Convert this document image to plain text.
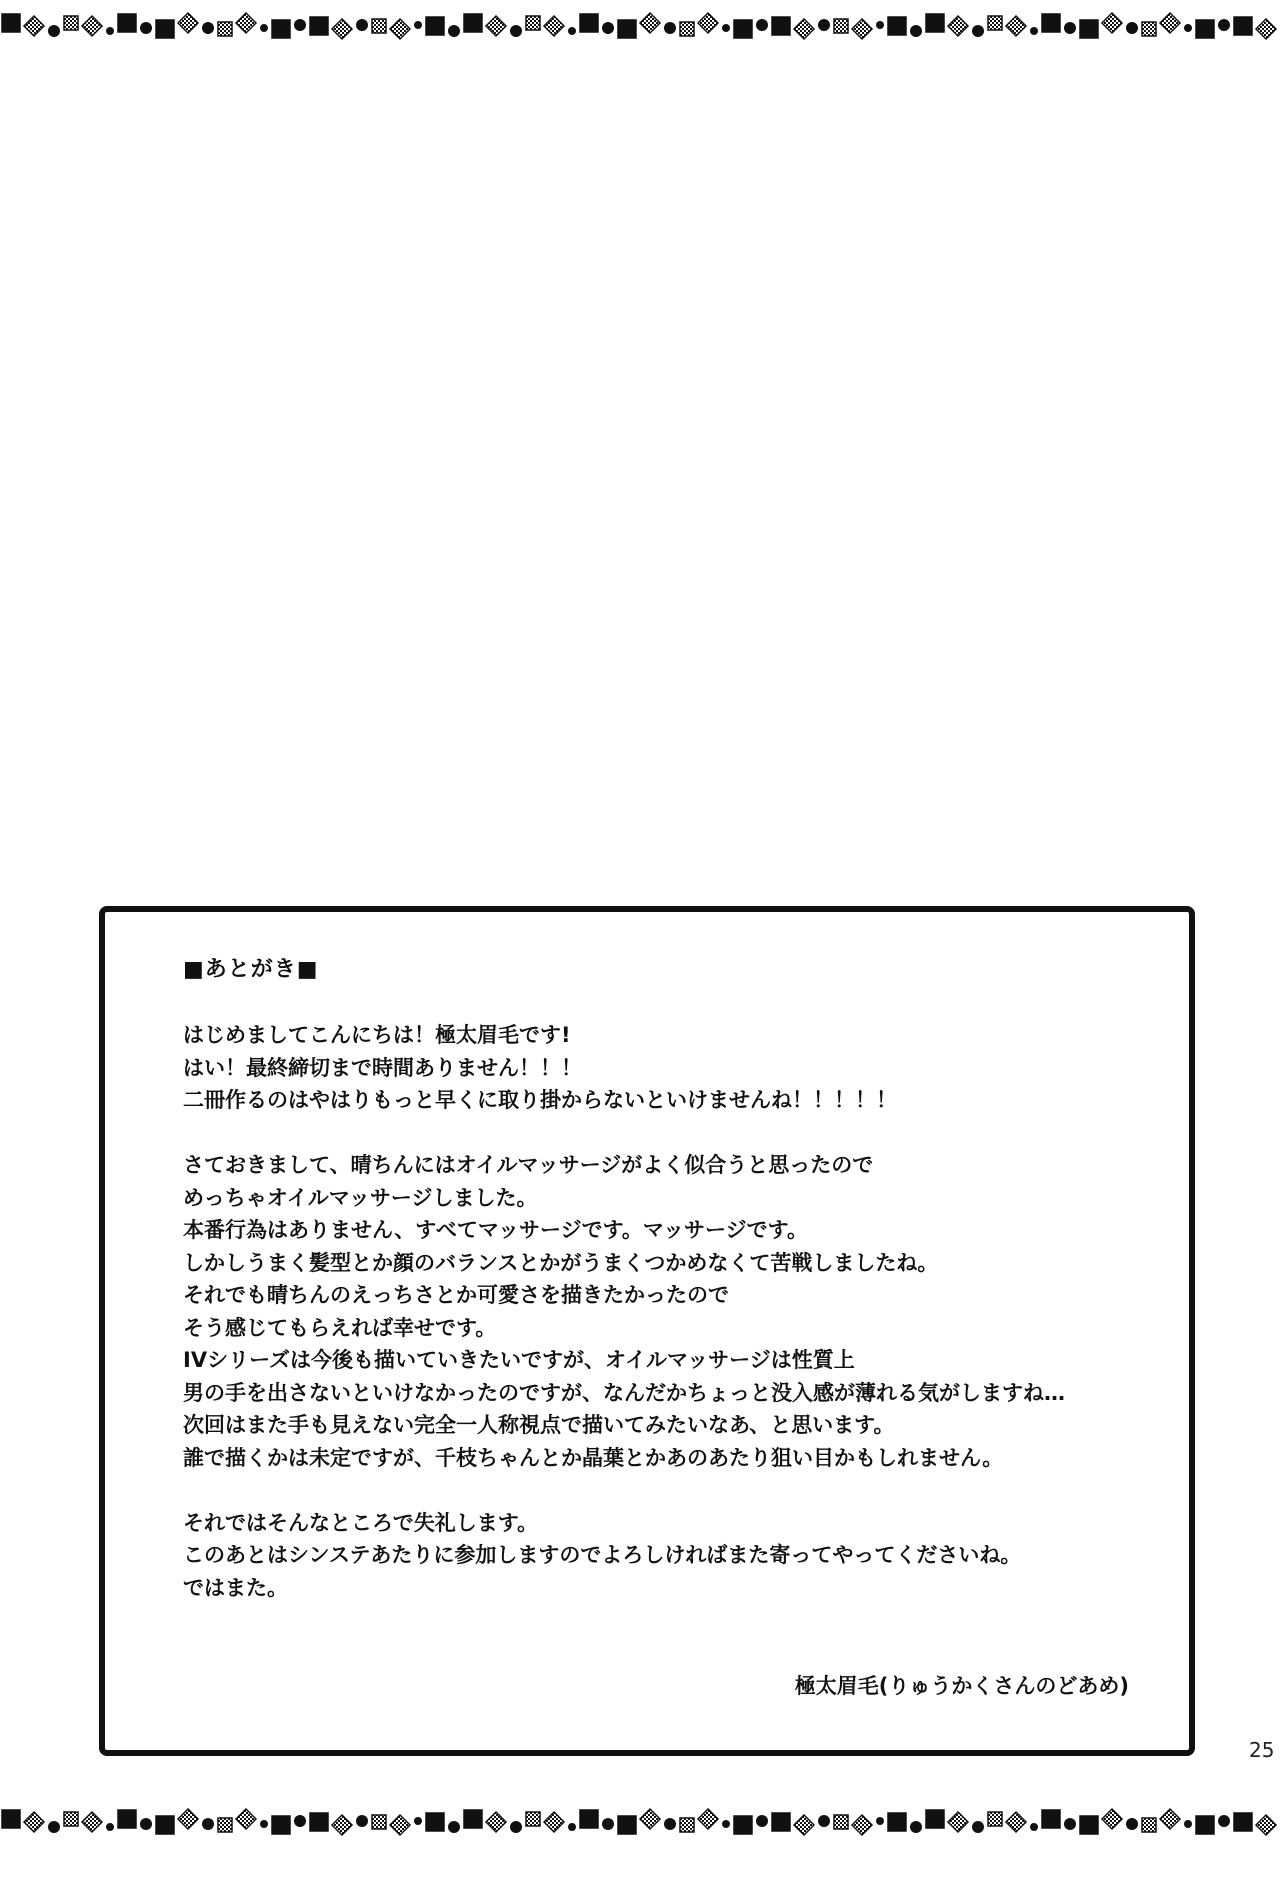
■あとがき■
はじめましてこんにちは！極太眉毛です!
はい！最終締切まで時間ありません！！！
二冊作るのはやはりもっと早くに取り掛からないといけませんね！！！！！
さておきまして、晴ちんにはオイルマッサージがよく似合うと思ったので
めっちゃオイルマッサージしました。
本番行為はありません、すべてマッサージです。マッサージです。
しかしうまく髪型とか顔のバランスとかがうまくつかめなくて苦戦しましたね。
それでも晴ちんのえっちさとか可愛さを描きたかったので
そう感じてもらえれば幸せです。
IVシリーズは今後も描いていきたいですが、オイルマッサージは性質上
男の手を出さないといけなかったのですが、なんだかちょっと没入感が薄れる気がしますね…
次回はまた手も見えない完全一人称視点で描いてみたいなあ、と思います。
誰で描くかは未定ですが、千枝ちゃんとか晶葉とかあのあたり狙い目かもしれません。
それではそんなところで失礼します。
このあとはシンステあたりに参加しますのでよろしければまた寄ってやってくださいね。
ではまた。
極太眉毛(りゅうかくさんのどあめ)
25
